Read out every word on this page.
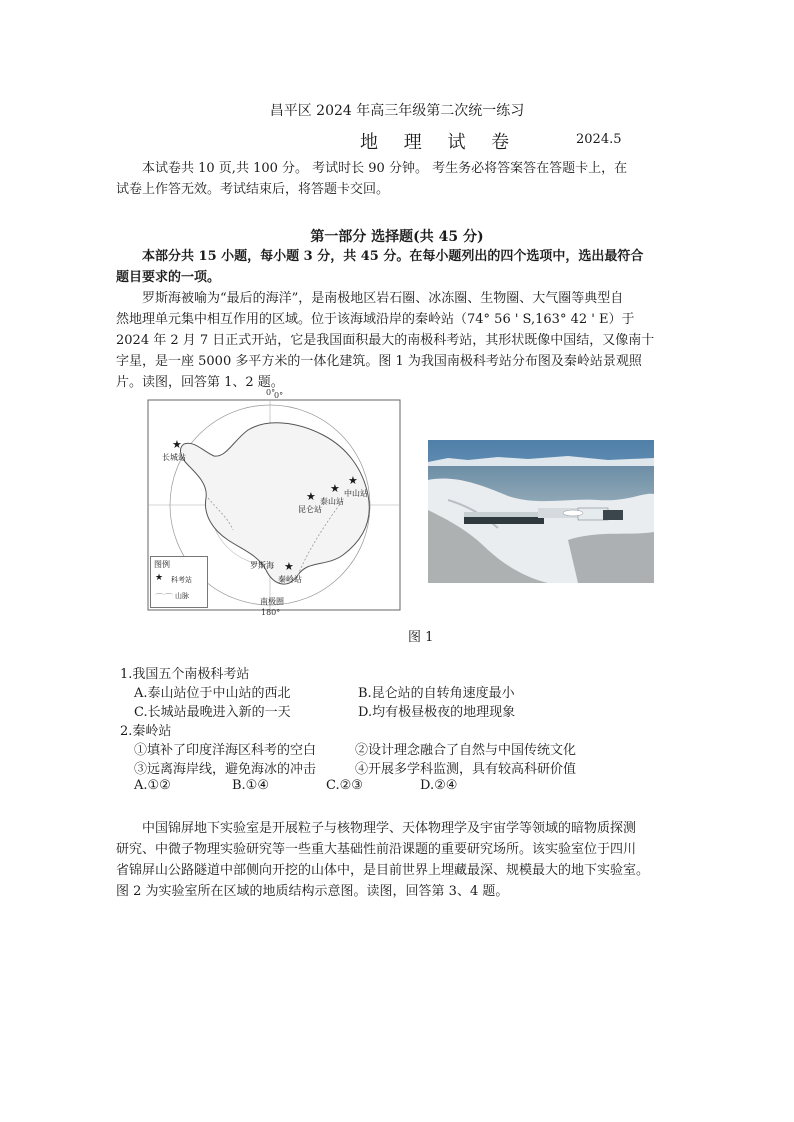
昌平区 2024 年高三年级第二次统一练习
地 理 试 卷	2024.5
本试卷共 10 页,共 100 分。 考试时长 90 分钟。 考生务必将答案答在答题卡上，在
试卷上作答无效。考试结束后，将答题卡交回。
第一部分 选择题(共 45 分)
本部分共 15 小题，每小题 3 分，共 45 分。在每小题列出的四个选项中，选出最符合
题目要求的一项。
罗斯海被喻为“最后的海洋”，是南极地区岩石圈、冰冻圈、生物圈、大气圈等典型自
然地理单元集中相互作用的区域。位于该海域沿岸的秦岭站（74° 56 ' S,163° 42 ' E）于
2024 年 2 月 7 日正式开站，它是我国面积最大的南极科考站，其形状既像中国结，又像南十
字星，是一座 5000 多平方米的一体化建筑。图 1 为我国南极科考站分布图及秦岭站景观照
片。读图，回答第 1、2 题。
0°
0°
180°
★
长城站
★
中山站
★
泰山站
★
昆仑站
★
秦岭站
罗斯海
南极圈
图例
★ 科考站
⌒⌒ 山脉
图 1
1.我国五个南极科考站
A.泰山站位于中山站的西北	B.昆仑站的自转角速度最小
C.长城站最晚进入新的一天	D.均有极昼极夜的地理现象
2.秦岭站
①填补了印度洋海区科考的空白	②设计理念融合了自然与中国传统文化
③远离海岸线，避免海冰的冲击	④开展多学科监测，具有较高科研价值
A.①②	B.①④	C.②③	D.②④
中国锦屏地下实验室是开展粒子与核物理学、天体物理学及宇宙学等领域的暗物质探测
研究、中微子物理实验研究等一些重大基础性前沿课题的重要研究场所。该实验室位于四川
省锦屏山公路隧道中部侧向开挖的山体中，是目前世界上埋藏最深、规模最大的地下实验室。
图 2 为实验室所在区域的地质结构示意图。读图，回答第 3、4 题。
